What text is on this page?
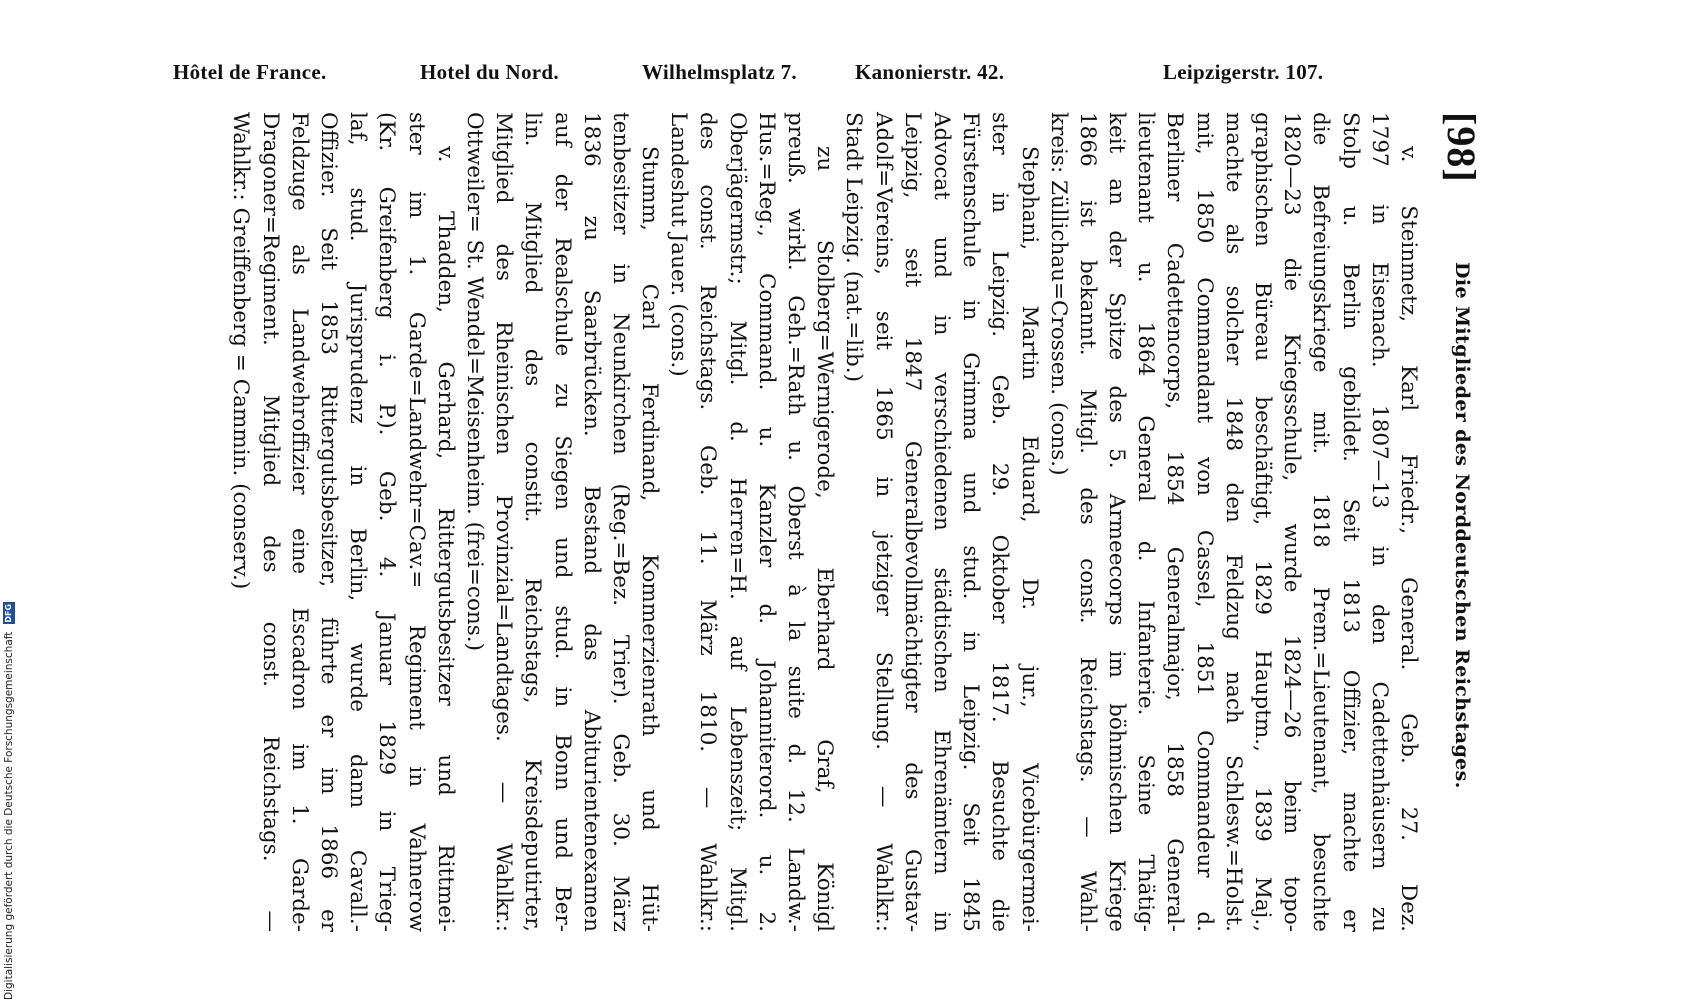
Hôtel de France.	Hotel du Nord.	Wilhelmsplatz 7.	Kanonierstr. 42.	Leipzigerstr. 107.
[98]
Die Mitglieder des Norddeutschen Reichstages.
v. Steinmetz, Karl Friedr., General. Geb. 27. Dez.
1797 in Eisenach. 1807—13 in den Cadettenhäusern zu
Stolp u. Berlin gebildet. Seit 1813 Offizier, machte er
die Befreiungskriege mit. 1818 Prem.=Lieutenant, besuchte
1820—23 die Kriegsschule, wurde 1824—26 beim topo-
graphischen Büreau beschäftigt, 1829 Hauptm., 1839 Maj.,
machte als solcher 1848 den Feldzug nach Schlesw.=Holst.
mit, 1850 Commandant von Cassel, 1851 Commandeur d.
Berliner Cadettencorps, 1854 Generalmajor, 1858 General-
lieutenant u. 1864 General d. Infanterie. Seine Thätig-
keit an der Spitze des 5. Armeecorps im böhmischen Kriege
1866 ist bekannt. Mitgl. des const. Reichstags. — Wahl-
kreis: Züllichau=Crossen. (cons.)
Stephani, Martin Eduard, Dr. jur., Vicebürgermei-
ster in Leipzig. Geb. 29. Oktober 1817. Besuchte die
Fürstenschule in Grimma und stud. in Leipzig. Seit 1845
Advocat und in verschiedenen städtischen Ehrenämtern in
Leipzig, seit 1847 Generalbevollmächtigter des Gustav-
Adolf=Vereins, seit 1865 in jetziger Stellung. — Wahlkr.:
Stadt Leipzig. (nat.=lib.)
zu Stolberg=Wernigerode, Eberhard Graf, Königl
preuß. wirkl. Geh.=Rath u. Oberst à la suite d. 12. Landw.-
Hus.=Reg., Command. u. Kanzler d. Johanniterord. u. 2.
Oberjägermstr.; Mitgl. d. Herren=H. auf Lebenszeit; Mitgl.
des const. Reichstags. Geb. 11. März 1810. — Wahlkr.:
Landeshut Jauer. (cons.)
Stumm, Carl Ferdinand, Kommerzienrath und Hüt-
tenbesitzer in Neunkirchen (Reg.=Bez. Trier). Geb. 30. März
1836 zu Saarbrücken. Bestand das Abiturientenexamen
auf der Realschule zu Siegen und stud. in Bonn und Ber-
lin. Mitglied des constit. Reichstags, Kreisdeputirter,
Mitglied des Rheinischen Provinzial=Landtages. — Wahlkr.:
Ottweiler= St. Wendel=Meisenheim. (frei=cons.)
v. Thadden, Gerhard, Rittergutsbesitzer und Rittmei-
ster im 1. Garde=Landwehr=Cav.= Regiment in Vahnerow
(Kr. Greifenberg i. P.). Geb. 4. Januar 1829 in Trieg-
laf, stud. Jurisprudenz in Berlin, wurde dann Cavall.-
Offizier. Seit 1853 Rittergutsbesitzer, führte er im 1866 er
Feldzuge als Landwehroffizier eine Escadron im 1. Garde-
Dragoner=Regiment. Mitglied des const. Reichstags. —
Wahlkr.: Greiffenberg = Cammin. (conserv.)
Digitalisierung gefördert durch die Deutsche Forschungsgemeinschaft DFG
